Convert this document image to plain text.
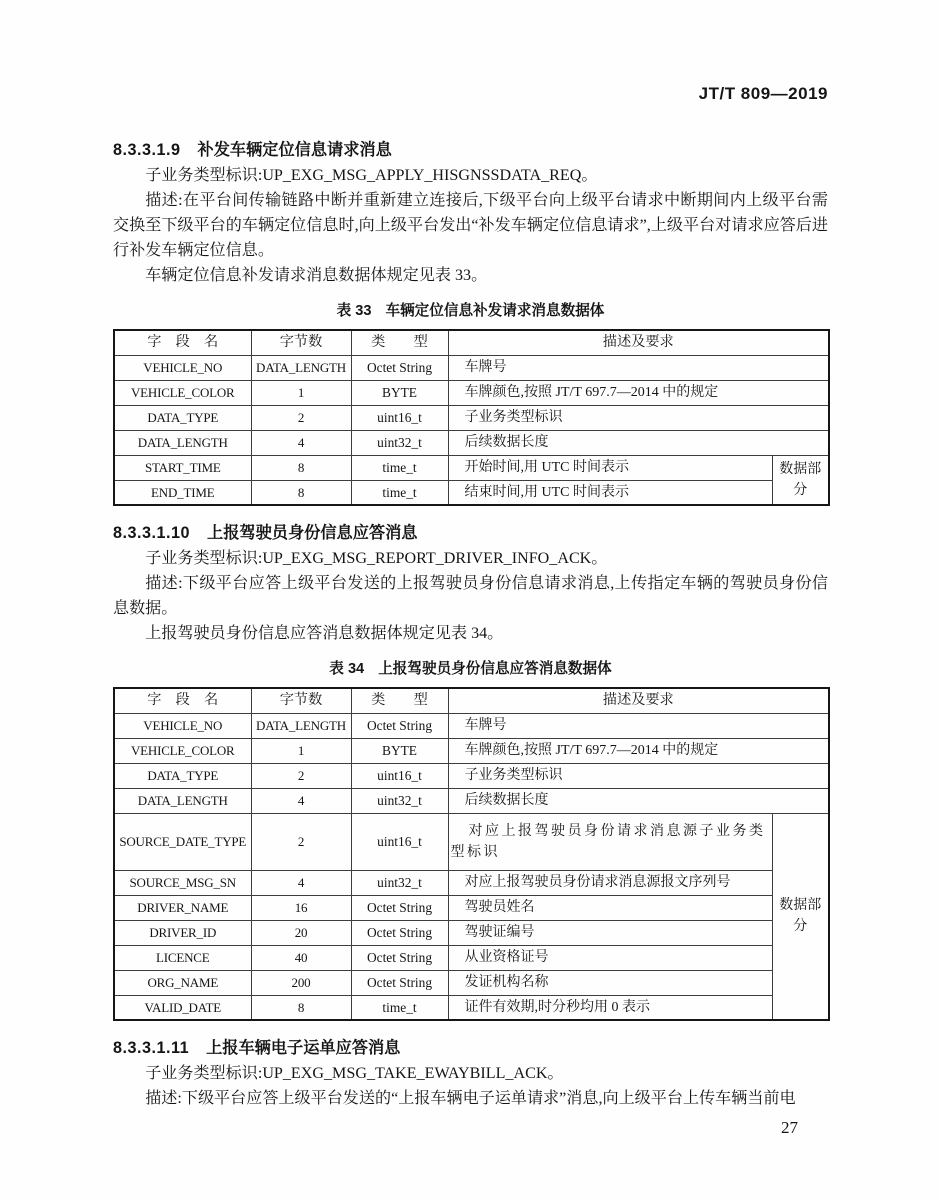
JT/T 809—2019
8.3.3.1.9 补发车辆定位信息请求消息

子业务类型标识:UP_EXG_MSG_APPLY_HISGNSSDATA_REQ。

描述:在平台间传输链路中断并重新建立连接后,下级平台向上级平台请求中断期间内上级平台需交换至下级平台的车辆定位信息时,向上级平台发出“补发车辆定位信息请求”,上级平台对请求应答后进行补发车辆定位信息。

车辆定位信息补发请求消息数据体规定见表 33。

表 33 车辆定位信息补发请求消息数据体
字　段　名	字节数	类　　型	描述及要求	
VEHICLE_NO	DATA_LENGTH	Octet String	车牌号	
VEHICLE_COLOR	1	BYTE	车牌颜色,按照 JT/T 697.7—2014 中的规定	
DATA_TYPE	2	uint16_t	子业务类型标识	
DATA_LENGTH	4	uint32_t	后续数据长度	
START_TIME	8	time_t	开始时间,用 UTC 时间表示	数据部分
END_TIME	8	time_t	结束时间,用 UTC 时间表示	
8.3.3.1.10 上报驾驶员身份信息应答消息

子业务类型标识:UP_EXG_MSG_REPORT_DRIVER_INFO_ACK。

描述:下级平台应答上级平台发送的上报驾驶员身份信息请求消息,上传指定车辆的驾驶员身份信息数据。

上报驾驶员身份信息应答消息数据体规定见表 34。

表 34 上报驾驶员身份信息应答消息数据体
字　段　名	字节数	类　　型	描述及要求	
VEHICLE_NO	DATA_LENGTH	Octet String	车牌号	
VEHICLE_COLOR	1	BYTE	车牌颜色,按照 JT/T 697.7—2014 中的规定	
DATA_TYPE	2	uint16_t	子业务类型标识	
DATA_LENGTH	4	uint32_t	后续数据长度	
SOURCE_DATE_TYPE	2	uint16_t	对应上报驾驶员身份请求消息源子业务类型标识	数据部分
SOURCE_MSG_SN	4	uint32_t	对应上报驾驶员身份请求消息源报文序列号	
DRIVER_NAME	16	Octet String	驾驶员姓名	
DRIVER_ID	20	Octet String	驾驶证编号	
LICENCE	40	Octet String	从业资格证号	
ORG_NAME	200	Octet String	发证机构名称	
VALID_DATE	8	time_t	证件有效期,时分秒均用 0 表示	
8.3.3.1.11 上报车辆电子运单应答消息

子业务类型标识:UP_EXG_MSG_TAKE_EWAYBILL_ACK。

描述:下级平台应答上级平台发送的“上报车辆电子运单请求”消息,向上级平台上传车辆当前电

27
